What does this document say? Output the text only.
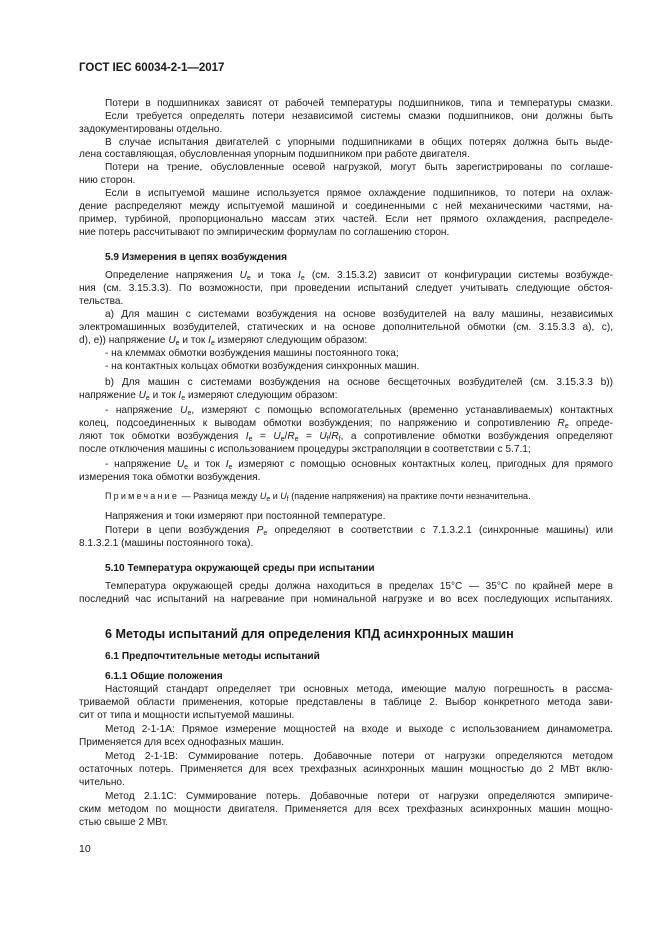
ГОСТ IEC 60034-2-1—2017
Потери в подшипниках зависят от рабочей температуры подшипников, типа и температуры смазки.
Если требуется определять потери независимой системы смазки подшипников, они должны быть
задокументированы отдельно.
В случае испытания двигателей с упорными подшипниками в общих потерях должна быть выде-
лена составляющая, обусловленная упорным подшипником при работе двигателя.
Потери на трение, обусловленные осевой нагрузкой, могут быть зарегистрированы по соглаше-
нию сторон.
Если в испытуемой машине используется прямое охлаждение подшипников, то потери на охлаж-
дение распределяют между испытуемой машиной и соединенными с ней механическими частями, на-
пример, турбиной, пропорционально массам этих частей. Если нет прямого охлаждения, распределе-
ние потерь рассчитывают по эмпирическим формулам по соглашению сторон.
5.9 Измерения в цепях возбуждения
Определение напряжения $U_e$ и тока $I_e$ (см. 3.15.3.2) зависит от конфигурации системы возбужде-
ния (см. 3.15.3.3). По возможности, при проведении испытаний следует учитывать следующие обстоя-
тельства.
а) Для машин с системами возбуждения на основе возбудителей на валу машины, независимых
электромашинных возбудителей, статических и на основе дополнительной обмотки (см. 3.15.3.3 а), с),
d), е)) напряжение $U_e$ и ток $I_e$ измеряют следующим образом:
- на клеммах обмотки возбуждения машины постоянного тока;
- на контактных кольцах обмотки возбуждения синхронных машин.
b) Для машин с системами возбуждения на основе бесщеточных возбудителей (см. 3.15.3.3 b))
напряжение $U_e$ и ток $I_e$ измеряют следующим образом:
- напряжение $U_e$, измеряют с помощью вспомогательных (временно устанавливаемых) контактных
колец, подсоединенных к выводам обмотки возбуждения; по напряжению и сопротивлению $R_e$ опреде-
ляют ток обмотки возбуждения $I_e = U_e/R_e = U_f/R_f$, а сопротивление обмотки возбуждения определяют
после отключения машины с использованием процедуры экстраполяции в соответствии с 5.7.1;
- напряжение $U_e$ и ток $I_e$ измеряют с помощью основных контактных колец, пригодных для прямого
измерения тока обмотки возбуждения.
Примечание — Разница между $U_e$ и $U_f$ (падение напряжения) на практике почти незначительна.
Напряжения и токи измеряют при постоянной температуре.
Потери в цепи возбуждения $P_e$ определяют в соответствии с 7.1.3.2.1 (синхронные машины) или
8.1.3.2.1 (машины постоянного тока).
5.10 Температура окружающей среды при испытании
Температура окружающей среды должна находиться в пределах 15°С — 35°С по крайней мере в
последний час испытаний на нагревание при номинальной нагрузке и во всех последующих испытаниях.
6 Методы испытаний для определения КПД асинхронных машин
6.1 Предпочтительные методы испытаний
6.1.1 Общие положения
Настоящий стандарт определяет три основных метода, имеющие малую погрешность в рассма-
триваемой области применения, которые представлены в таблице 2. Выбор конкретного метода зави-
сит от типа и мощности испытуемой машины.
Метод 2-1-1А: Прямое измерение мощностей на входе и выходе с использованием динамометра.
Применяется для всех однофазных машин.
Метод 2-1-1В: Суммирование потерь. Добавочные потери от нагрузки определяются методом
остаточных потерь. Применяется для всех трехфазных асинхронных машин мощностью до 2 МВт вклю-
чительно.
Метод 2.1.1С: Суммирование потерь. Добавочные потери от нагрузки определяются эмпириче-
ским методом по мощности двигателя. Применяется для всех трехфазных асинхронных машин мощно-
стью свыше 2 МВт.
10
